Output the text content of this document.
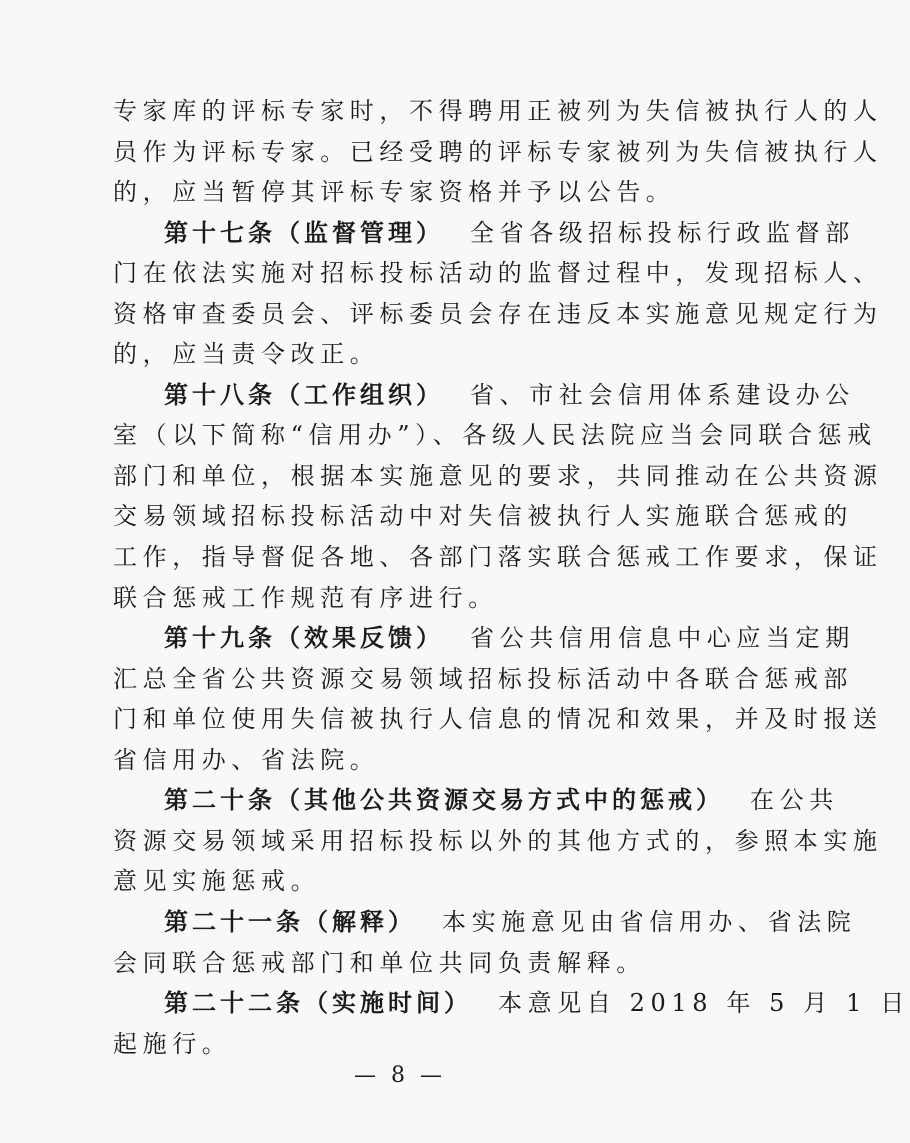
专家库的评标专家时，不得聘用正被列为失信被执行人的人
员作为评标专家。已经受聘的评标专家被列为失信被执行人
的，应当暂停其评标专家资格并予以公告。
第十七条（监督管理） 全省各级招标投标行政监督部
门在依法实施对招标投标活动的监督过程中，发现招标人、
资格审查委员会、评标委员会存在违反本实施意见规定行为
的，应当责令改正。
第十八条（工作组织） 省、市社会信用体系建设办公
室（以下简称“信用办”）、各级人民法院应当会同联合惩戒
部门和单位，根据本实施意见的要求，共同推动在公共资源
交易领域招标投标活动中对失信被执行人实施联合惩戒的
工作，指导督促各地、各部门落实联合惩戒工作要求，保证
联合惩戒工作规范有序进行。
第十九条（效果反馈） 省公共信用信息中心应当定期
汇总全省公共资源交易领域招标投标活动中各联合惩戒部
门和单位使用失信被执行人信息的情况和效果，并及时报送
省信用办、省法院。
第二十条（其他公共资源交易方式中的惩戒） 在公共
资源交易领域采用招标投标以外的其他方式的，参照本实施
意见实施惩戒。
第二十一条（解释） 本实施意见由省信用办、省法院
会同联合惩戒部门和单位共同负责解释。
第二十二条（实施时间） 本意见自 2018 年 5 月 1 日
起施行。
— 8 —
